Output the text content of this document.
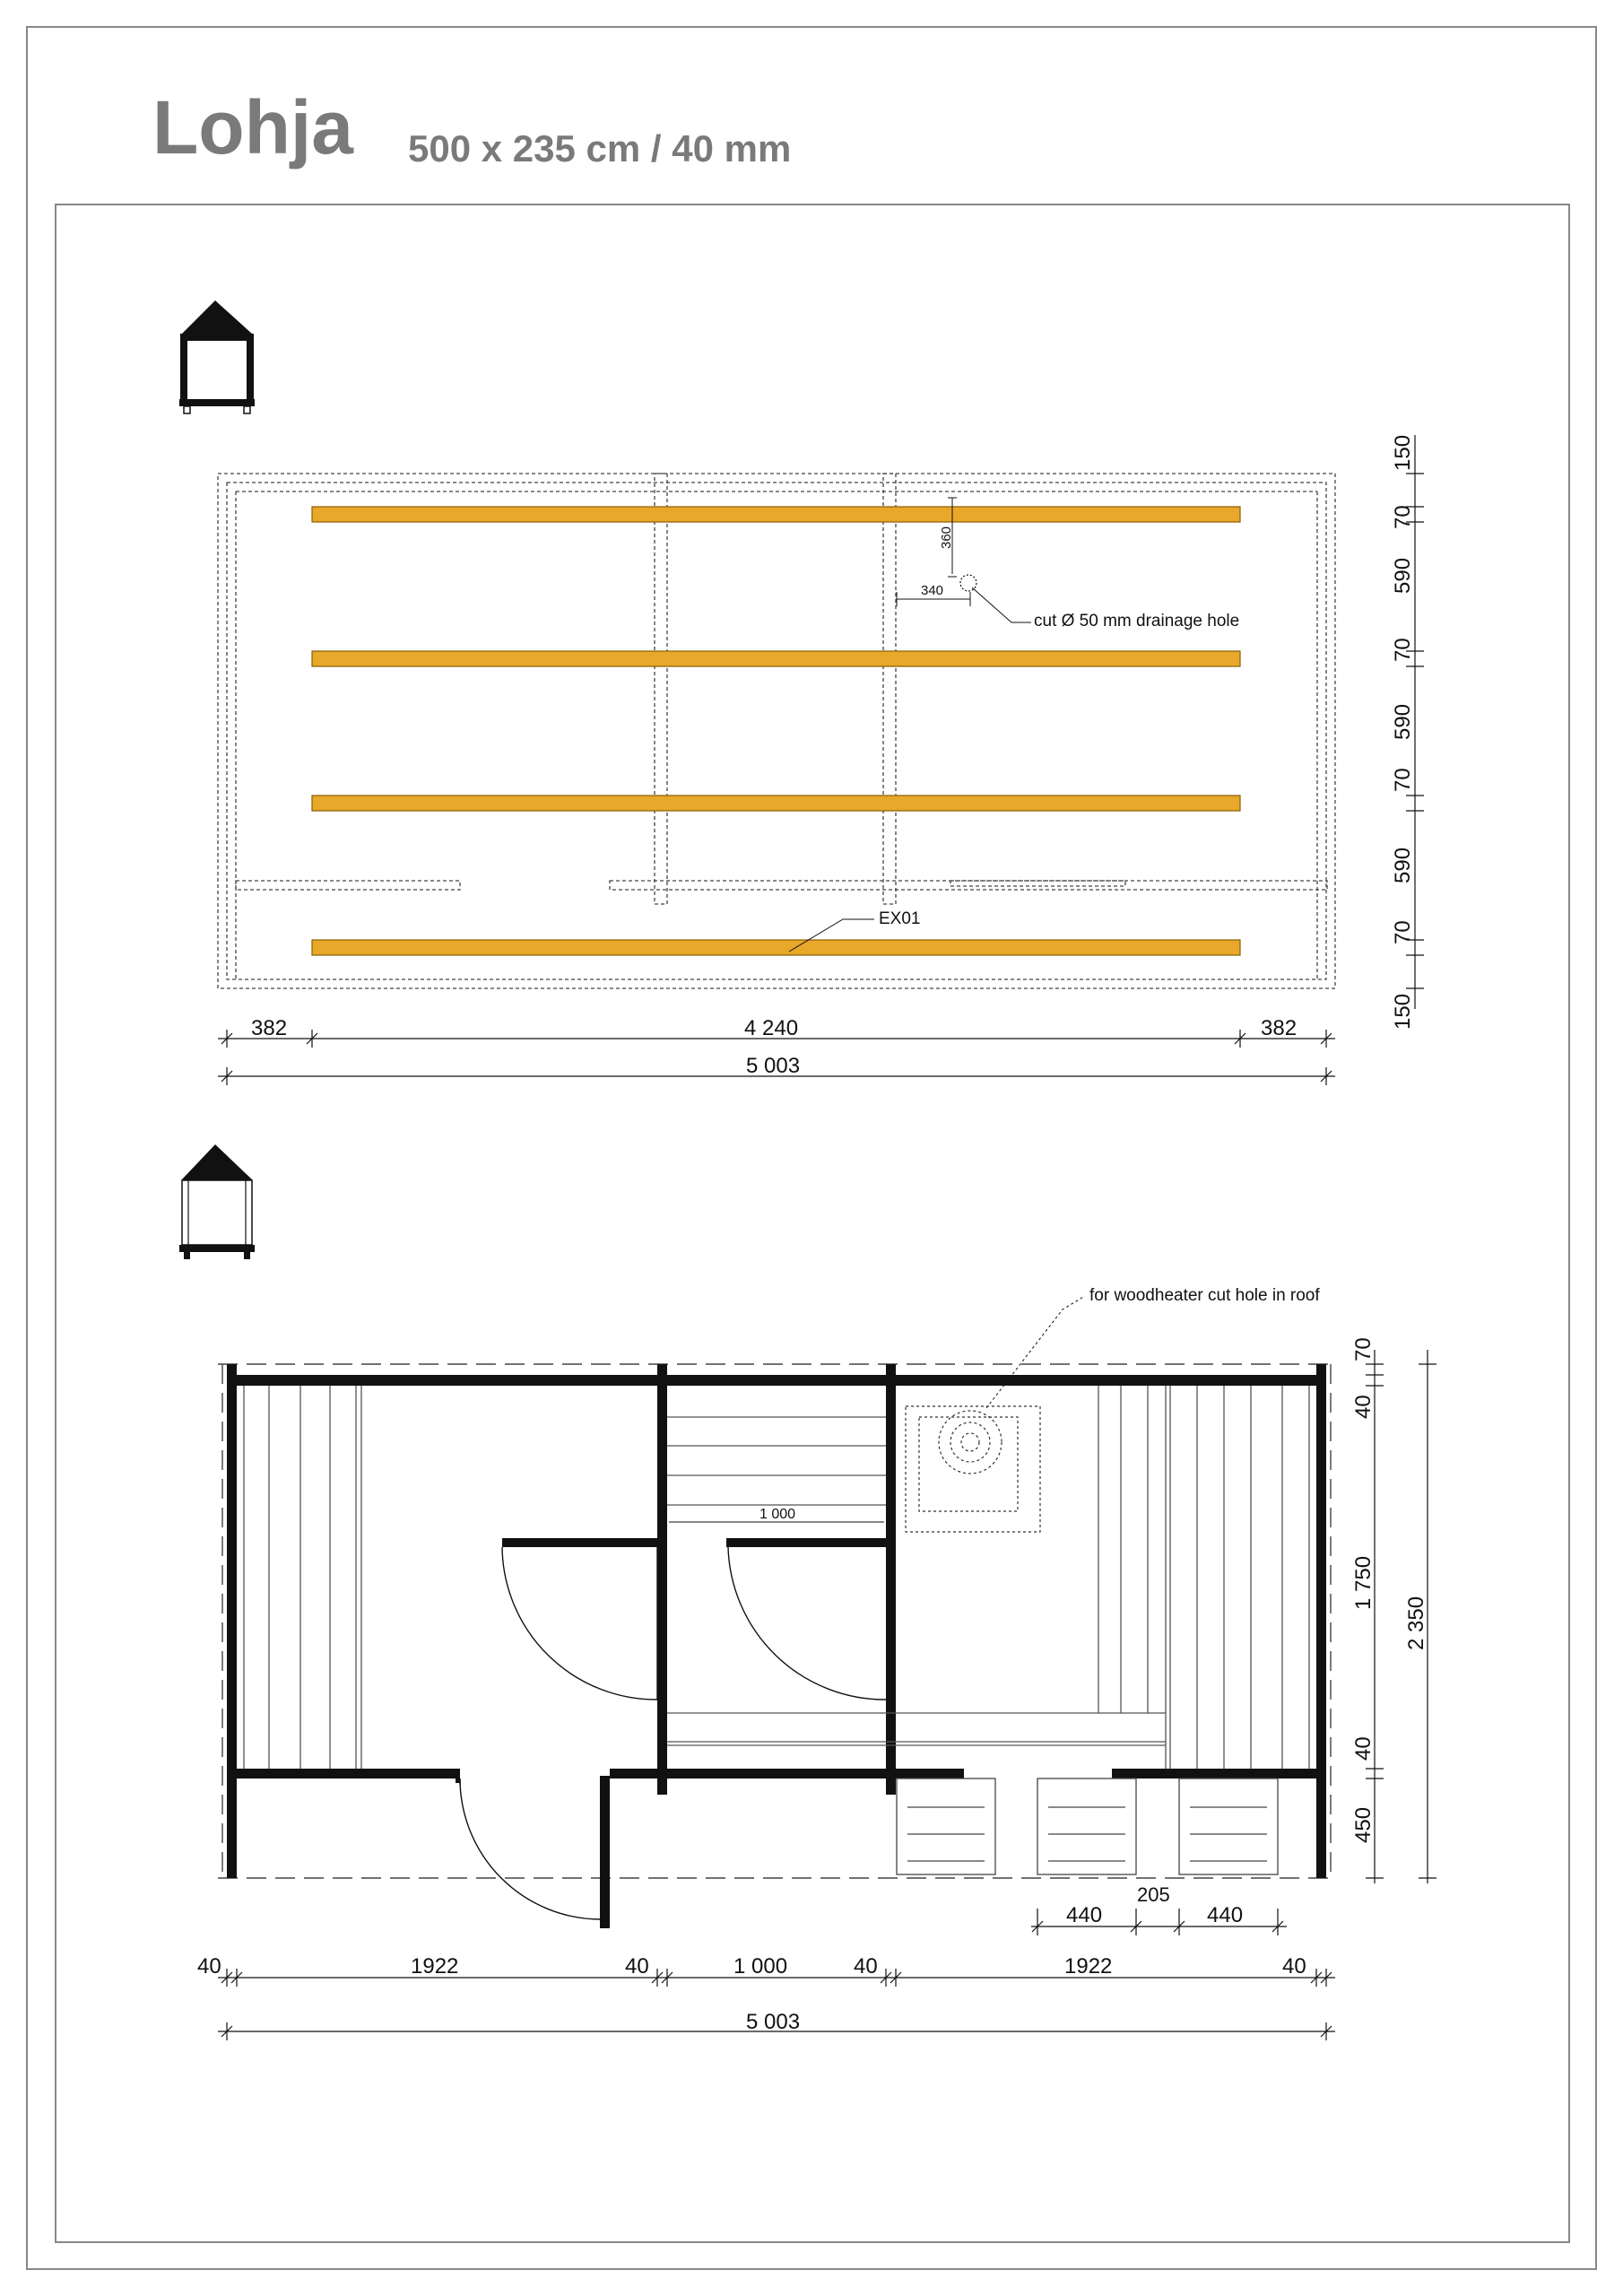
Lohja 500 x 235 cm / 40 mm
360
340
cut Ø 50 mm drainage hole
EX01
382	4 240	382
5 003
150
70
590
70
590
70
590
70
150
1 000
for woodheater cut hole in roof
440
205
440
40	1922	40	1 000	40	1922	40
5 003
70
40
1 750
40
450
2 350
